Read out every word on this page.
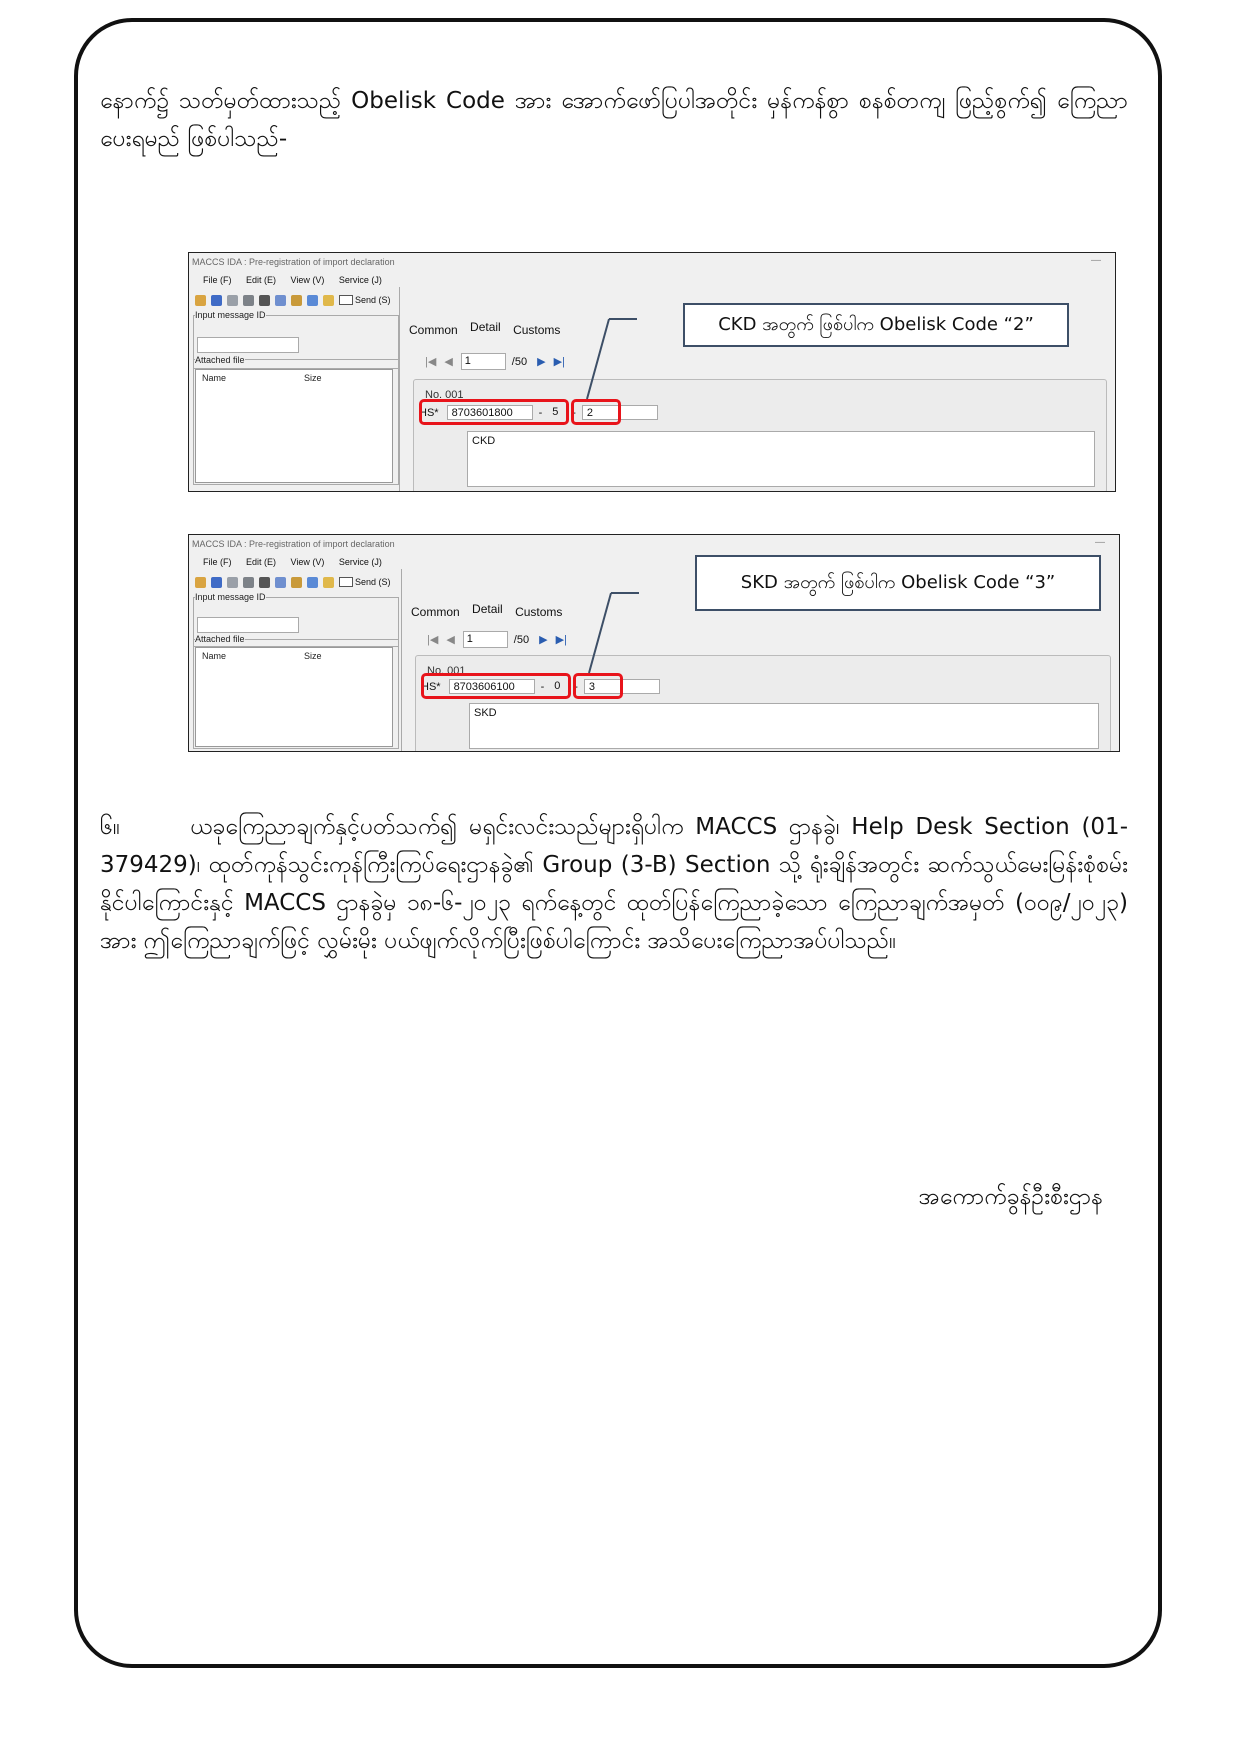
နောက်၌ သတ်မှတ်ထားသည့် Obelisk Code အား အောက်ဖော်ပြပါအတိုင်း မှန်ကန်စွာ စနစ်တကျ ဖြည့်စွက်၍ ကြေညာပေးရမည် ဖြစ်ပါသည်-

MACCS IDA : Pre-registration of import declaration	—
File (F) Edit (E) View (V) Service (J)
Send (S)
Input message ID
Attached file
Name	Size
Common Detail Customs
|◀ ◀	1	/50 ▶ ▶|
No. 001
HS*	8703601800	- 5	-	2
CKD
CKD အတွက် ဖြစ်ပါက Obelisk Code “2”
MACCS IDA : Pre-registration of import declaration	—
File (F) Edit (E) View (V) Service (J)
Send (S)
Input message ID
Attached file
Name	Size
Common Detail Customs
|◀ ◀	1	/50 ▶ ▶|
No. 001
HS*	8703606100	- 0	-	3
SKD
SKD အတွက် ဖြစ်ပါက Obelisk Code “3”

၆။	ယခုကြေညာချက်နှင့်ပတ်သက်၍ မရှင်းလင်းသည်များရှိပါက MACCS ဌာနခွဲ၊ Help Desk Section (01-379429)၊ ထုတ်ကုန်သွင်းကုန်ကြီးကြပ်ရေးဌာနခွဲ၏ Group (3-B) Section သို့ ရုံးချိန်အတွင်း ဆက်သွယ်မေးမြန်းစုံစမ်းနိုင်ပါကြောင်းနှင့် MACCS ဌာနခွဲမှ ၁၈-၆-၂၀၂၃ ရက်နေ့တွင် ထုတ်ပြန်ကြေညာခဲ့သော ကြေညာချက်အမှတ် (၀၀၉/၂၀၂၃) အား ဤကြေညာချက်ဖြင့် လွှမ်းမိုး ပယ်ဖျက်လိုက်ပြီးဖြစ်ပါကြောင်း အသိပေးကြေညာအပ်ပါသည်။

အကောက်ခွန်ဦးစီးဌာန
